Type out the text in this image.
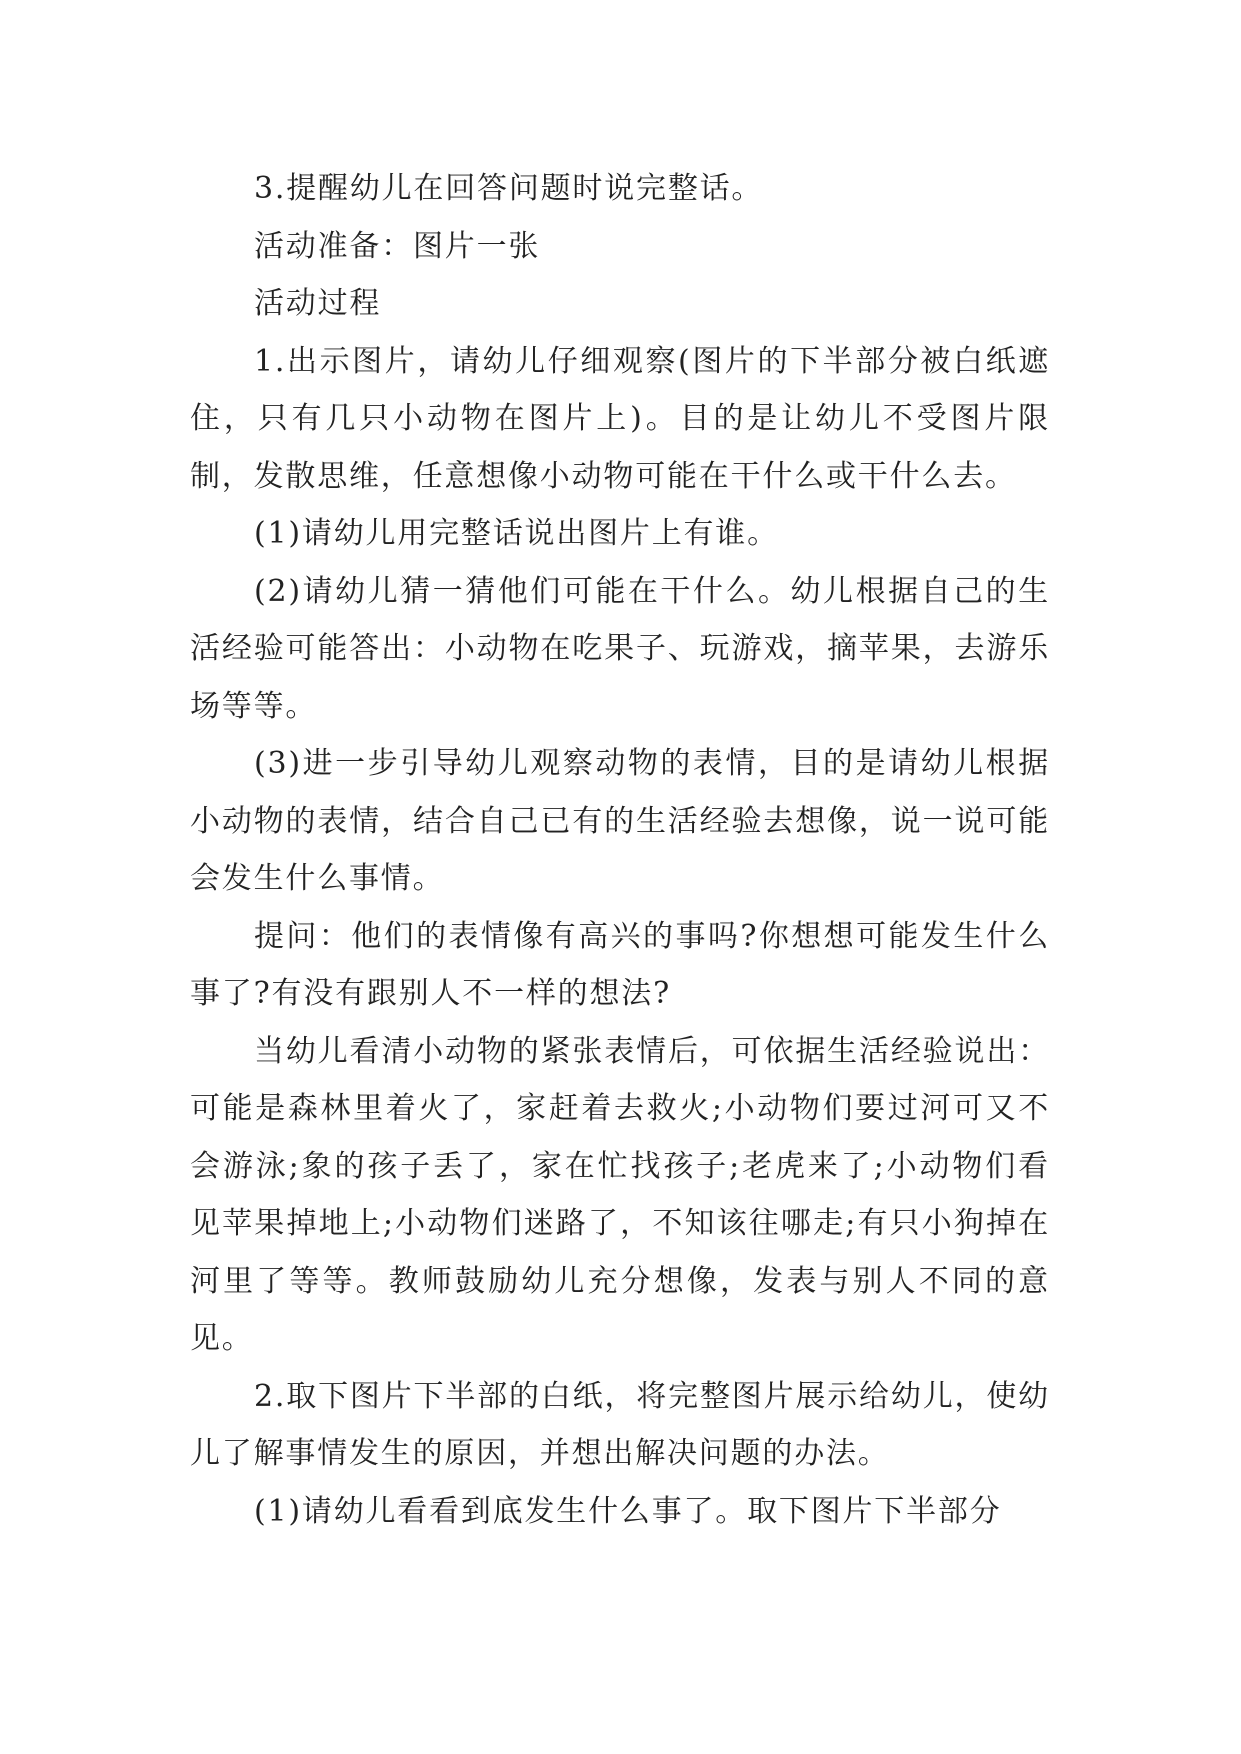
3.提醒幼儿在回答问题时说完整话。

活动准备：图片一张

活动过程

1.出示图片，请幼儿仔细观察(图片的下半部分被白纸遮住，只有几只小动物在图片上)。目的是让幼儿不受图片限制，发散思维，任意想像小动物可能在干什么或干什么去。

(1)请幼儿用完整话说出图片上有谁。

(2)请幼儿猜一猜他们可能在干什么。幼儿根据自己的生活经验可能答出：小动物在吃果子、玩游戏，摘苹果，去游乐场等等。

(3)进一步引导幼儿观察动物的表情，目的是请幼儿根据小动物的表情，结合自己已有的生活经验去想像，说一说可能会发生什么事情。

提问：他们的表情像有高兴的事吗?你想想可能发生什么事了?有没有跟别人不一样的想法?

当幼儿看清小动物的紧张表情后，可依据生活经验说出：可能是森林里着火了，家赶着去救火;小动物们要过河可又不会游泳;象的孩子丢了，家在忙找孩子;老虎来了;小动物们看见苹果掉地上;小动物们迷路了，不知该往哪走;有只小狗掉在河里了等等。教师鼓励幼儿充分想像，发表与别人不同的意见。

2.取下图片下半部的白纸，将完整图片展示给幼儿，使幼儿了解事情发生的原因，并想出解决问题的办法。

(1)请幼儿看看到底发生什么事了。取下图片下半部分
